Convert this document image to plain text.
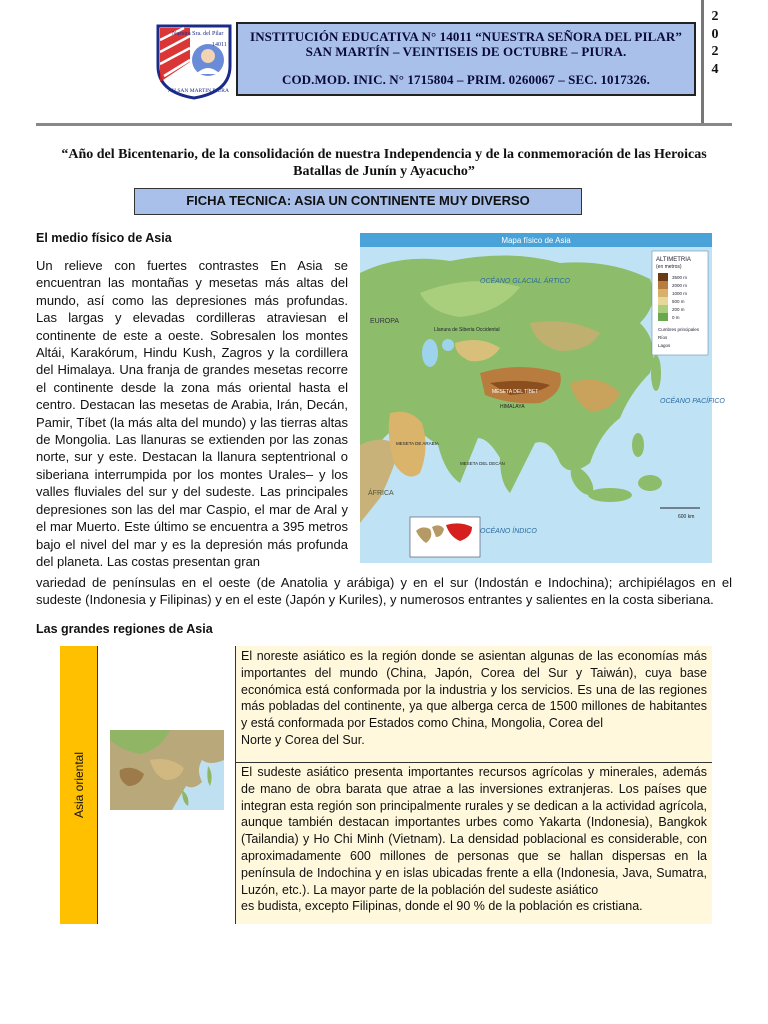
Nuestra Sra. del Pilar
14011
AH.SAN MARTIN PIURA
INSTITUCIÓN EDUCATIVA N° 14011 “NUESTRA SEÑORA DEL PILAR”
SAN MARTÍN – VEINTISEIS DE OCTUBRE – PIURA.
COD.MOD. INIC. N° 1715804 – PRIM. 0260067 – SEC. 1017326.
2
0
2
4
“Año del Bicentenario, de la consolidación de nuestra Independencia y de la conmemoración de las Heroicas Batallas de Junín y Ayacucho”
FICHA TECNICA: ASIA UN CONTINENTE MUY DIVERSO
El medio físico de Asia
Un relieve con fuertes contrastes En Asia se encuentran las montañas y mesetas más altas del mundo, así como las depresiones más profundas. Las largas y elevadas cordilleras atraviesan el continente de este a oeste. Sobresalen los montes Altái, Karakórum, Hindu Kush, Zagros y la cordillera del Himalaya. Una franja de grandes mesetas recorre el continente desde la zona más oriental hasta el centro. Destacan las mesetas de Arabia, Irán, Decán, Pamir, Tíbet (la más alta del mundo) y las tierras altas de Mongolia. Las llanuras se extienden por las zonas norte, sur y este. Destacan la llanura septentrional o siberiana interrumpida por los montes Urales– y los valles fluviales del sur y del sudeste. Las principales depresiones son las del mar Caspio, el mar de Aral y el mar Muerto. Este último se encuentra a 395 metros bajo el nivel del mar y es la depresión más profunda del planeta. Las costas presentan gran
variedad de penínsulas en el oeste (de Anatolia y arábiga) y en el sur (Indostán e Indochina); archipiélagos en el sudeste (Indonesia y Filipinas) y en el este (Japón y Kuriles), y numerosos entrantes y salientes en la costa siberiana.
Mapa físico de Asia
ALTIMETRIA
(en metros)
3500 m
2000 m
1000 m
500 m
200 m
0 m
Cumbres principales
Ríos
Lagos
OCÉANO GLACIAL ÁRTICO
OCÉANO PACÍFICO
OCÉANO ÍNDICO
ÁFRICA
EUROPA
Llanura de Siberia Occidental
MESETA DEL TÍBET
HIMALAYA
MESETA DE ARABIA
MESETA DEL DECÁN
600 km
Las grandes regiones de Asia
Asia oriental
El noreste asiático es la región donde se asientan algunas de las economías más importantes del mundo (China, Japón, Corea del Sur y Taiwán), cuya base económica está conformada por la industria y los servicios. Es una de las regiones más pobladas del continente, ya que alberga cerca de 1500 millones de habitantes y está conformada por Estados como China, Mongolia, Corea del
Norte y Corea del Sur.
El sudeste asiático presenta importantes recursos agrícolas y minerales, además de mano de obra barata que atrae a las inversiones extranjeras. Los países que integran esta región son principalmente rurales y se dedican a la actividad agrícola, aunque también destacan importantes urbes como Yakarta (Indonesia), Bangkok (Tailandia) y Ho Chi Minh (Vietnam). La densidad poblacional es considerable, con aproximadamente 600 millones de personas que se hallan dispersas en la península de Indochina y en islas ubicadas frente a ella (Indonesia, Java, Sumatra, Luzón, etc.). La mayor parte de la población del sudeste asiático
es budista, excepto Filipinas, donde el 90 % de la población es cristiana.
